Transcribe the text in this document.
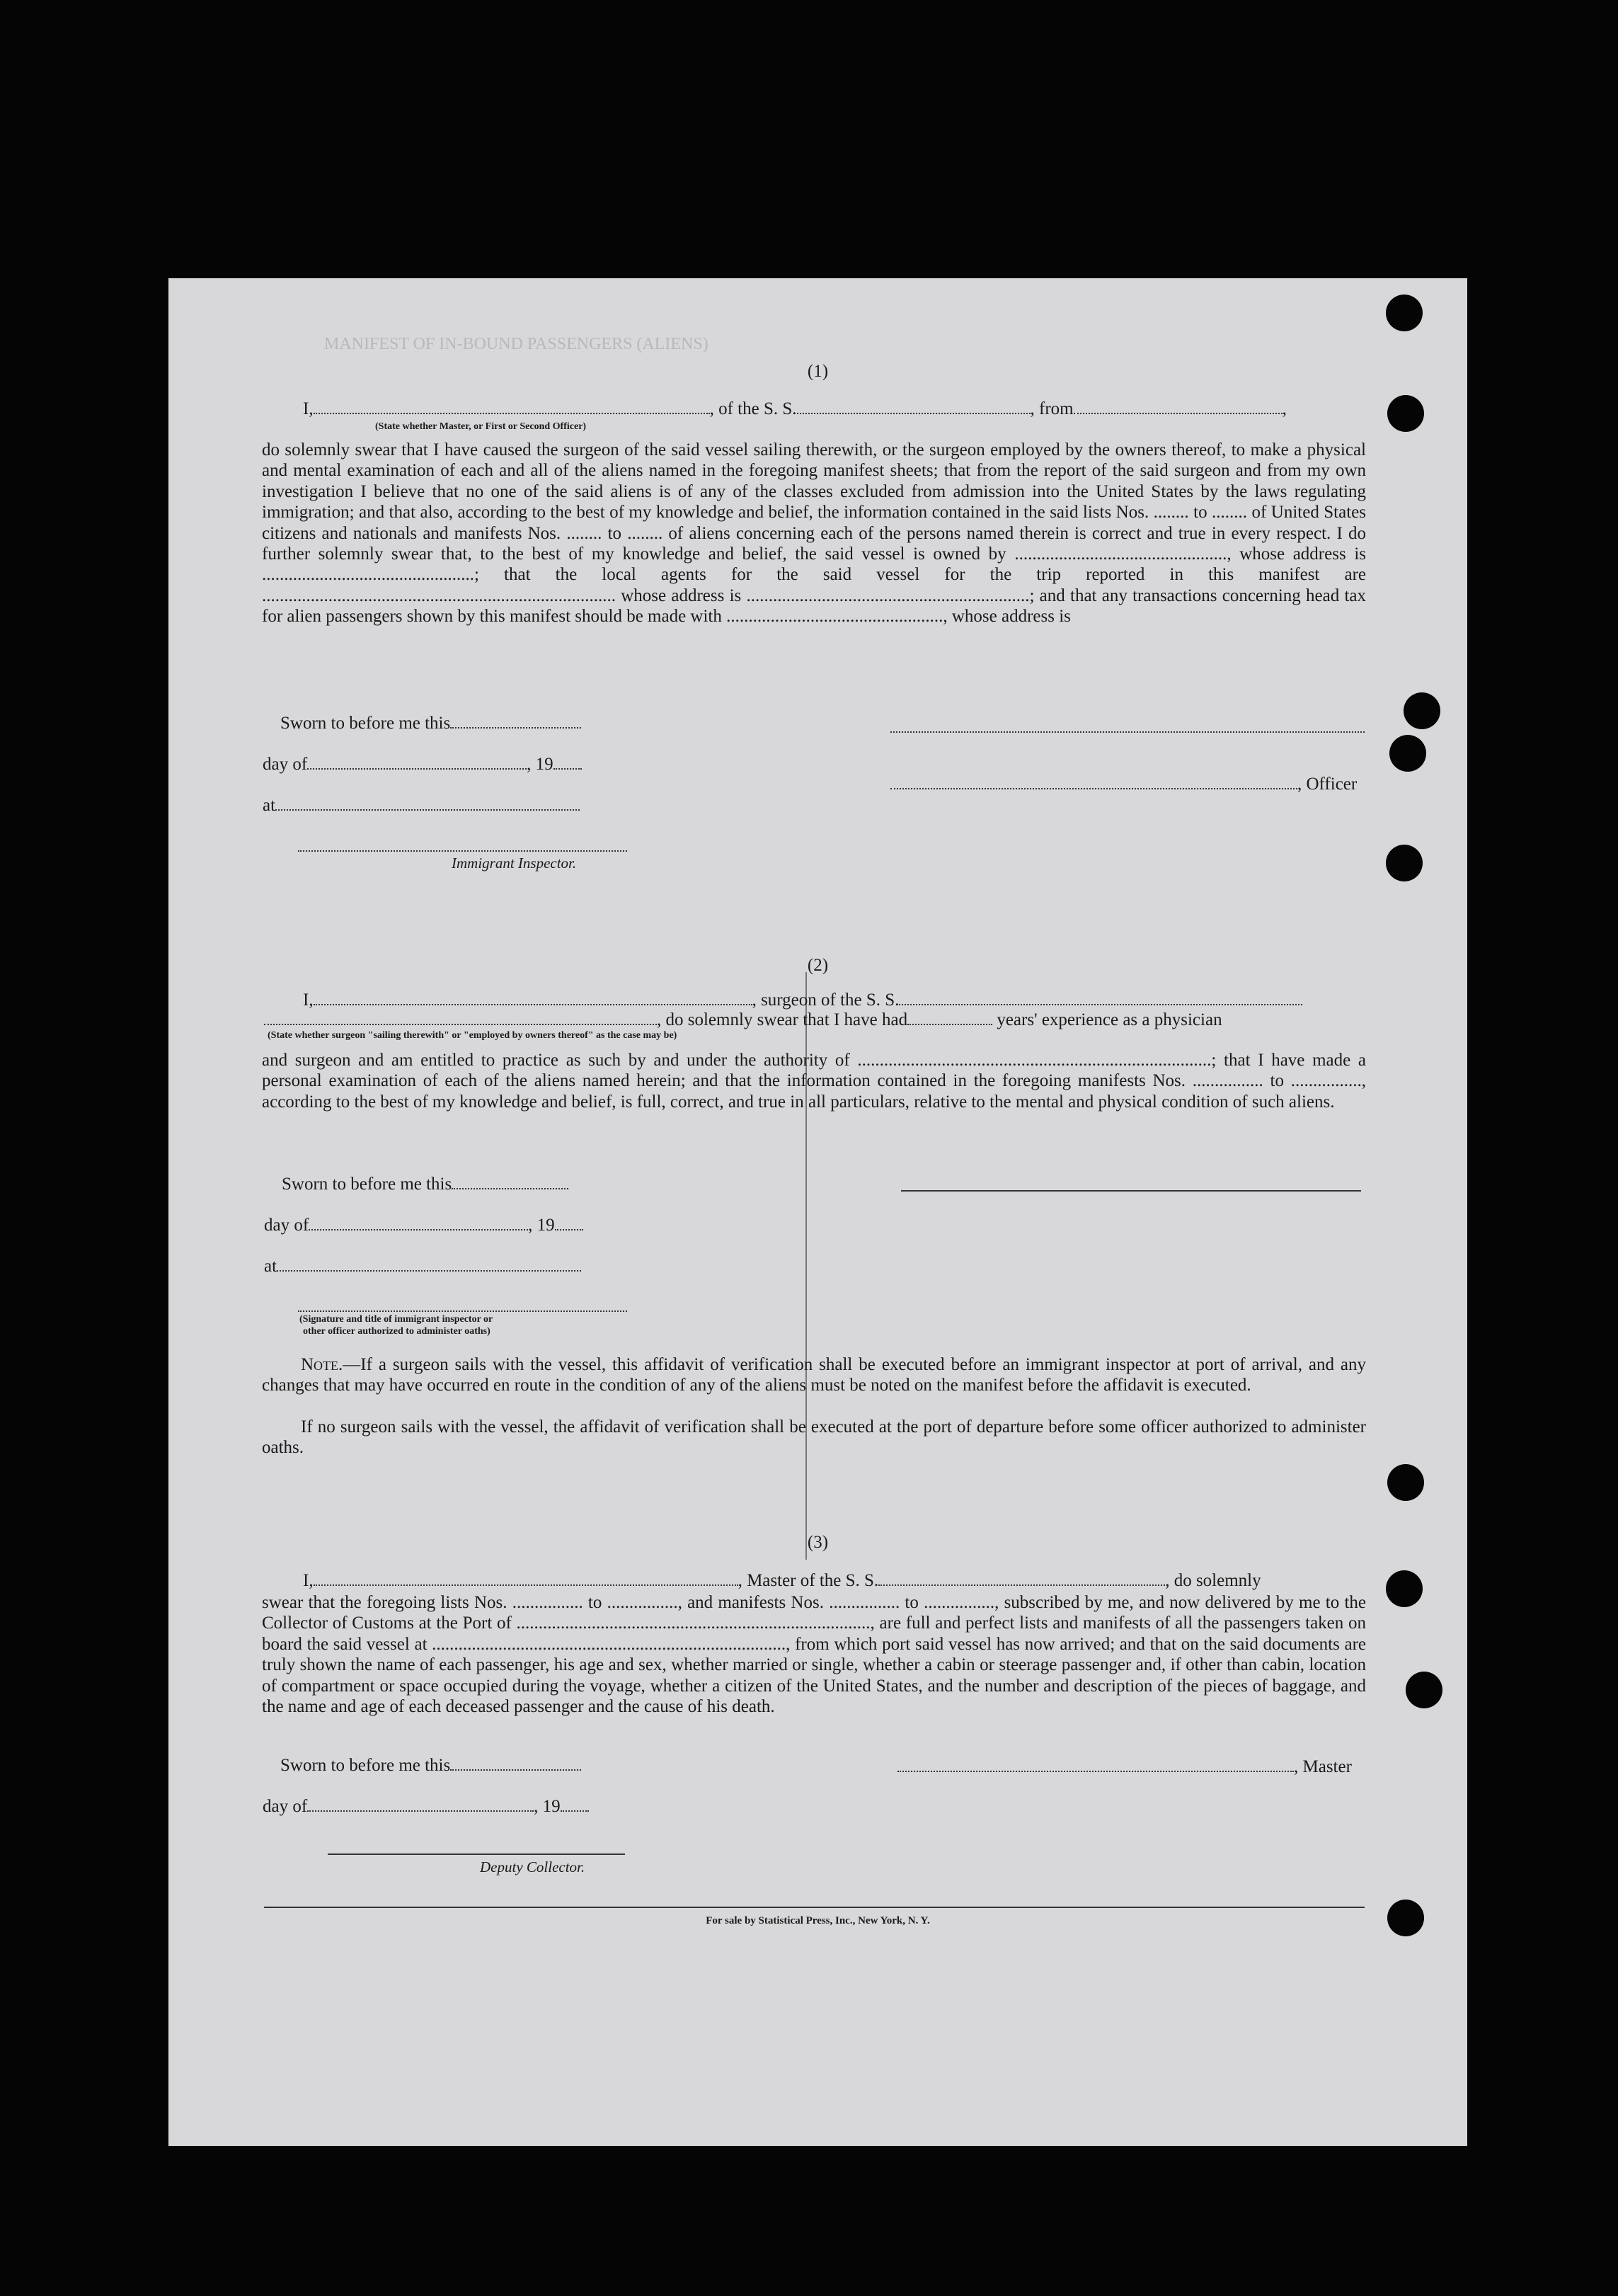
MANIFEST OF IN-BOUND PASSENGERS (ALIENS)
(1)
I,	, of the S. S.	, from	,
(State whether Master, or First or Second Officer)
do solemnly swear that I have caused the surgeon of the said vessel sailing therewith, or the surgeon employed by the owners thereof, to make a physical and mental examination of each and all of the aliens named in the foregoing manifest sheets; that from the report of the said surgeon and from my own investigation I believe that no one of the said aliens is of any of the classes excluded from admission into the United States by the laws regulating immigration; and that also, according to the best of my knowledge and belief, the information contained in the said lists Nos. ........ to ........ of United States citizens and nationals and manifests Nos. ........ to ........ of aliens concerning each of the persons named therein is correct and true in every respect. I do further solemnly swear that, to the best of my knowledge and belief, the said vessel is owned by ................................................, whose address is ................................................; that the local agents for the said vessel for the trip reported in this manifest are ................................................................................ whose address is ................................................................; and that any transactions concerning head tax for alien passengers shown by this manifest should be made with ................................................., whose address is
Sworn to before me this
day of	, 19
at
Immigrant Inspector.
, Officer
(2)
I,	, surgeon of the S. S.
, do solemnly swear that I have had	years' experience as a physician
(State whether surgeon "sailing therewith" or "employed by owners thereof" as the case may be)
and surgeon and am entitled to practice as such by and under the authority of ................................................................................; that I have made a personal examination of each of the aliens named herein; and that the information contained in the foregoing manifests Nos. ................ to ................, according to the best of my knowledge and belief, is full, correct, and true in all particulars, relative to the mental and physical condition of such aliens.
Sworn to before me this
day of	, 19
at
(Signature and title of immigrant inspector or
other officer authorized to administer oaths)
Note.—If a surgeon sails with the vessel, this affidavit of verification shall be executed before an immigrant inspector at port of arrival, and any changes that may have occurred en route in the condition of any of the aliens must be noted on the manifest before the affidavit is executed.
If no surgeon sails with the vessel, the affidavit of verification shall be executed at the port of departure before some officer authorized to administer oaths.
(3)
I,	, Master of the S. S.	, do solemnly
swear that the foregoing lists Nos. ................ to ................, and manifests Nos. ................ to ................, subscribed by me, and now delivered by me to the Collector of Customs at the Port of ................................................................................, are full and perfect lists and manifests of all the passengers taken on board the said vessel at ................................................................................, from which port said vessel has now arrived; and that on the said documents are truly shown the name of each passenger, his age and sex, whether married or single, whether a cabin or steerage passenger and, if other than cabin, location of compartment or space occupied during the voyage, whether a citizen of the United States, and the number and description of the pieces of baggage, and the name and age of each deceased passenger and the cause of his death.
Sworn to before me this
day of	, 19
Deputy Collector.
, Master
For sale by Statistical Press, Inc., New York, N. Y.
